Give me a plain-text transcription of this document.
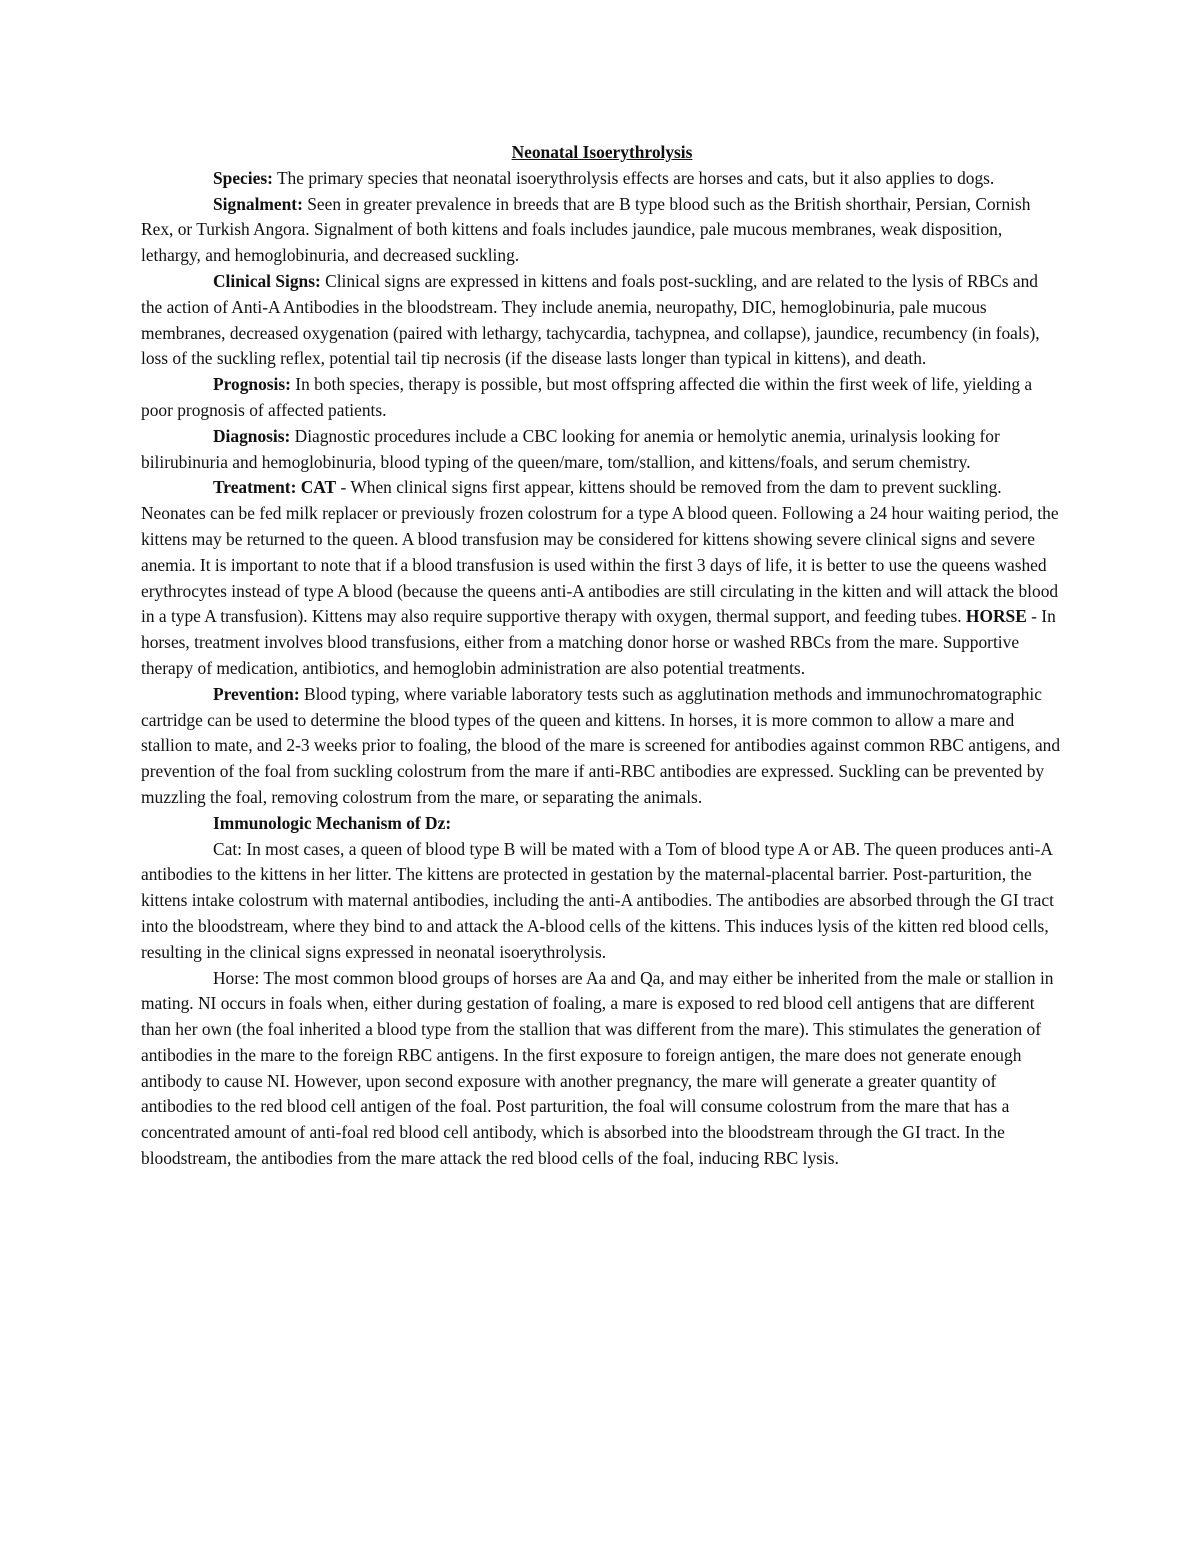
Neonatal Isoerythrolysis

Species: The primary species that neonatal isoerythrolysis effects are horses and cats, but it also applies to dogs.

Signalment: Seen in greater prevalence in breeds that are B type blood such as the British shorthair, Persian, Cornish Rex, or Turkish Angora. Signalment of both kittens and foals includes jaundice, pale mucous membranes, weak disposition, lethargy, and hemoglobinuria, and decreased suckling.

Clinical Signs: Clinical signs are expressed in kittens and foals post-suckling, and are related to the lysis of RBCs and the action of Anti-A Antibodies in the bloodstream. They include anemia, neuropathy, DIC, hemoglobinuria, pale mucous membranes, decreased oxygenation (paired with lethargy, tachycardia, tachypnea, and collapse), jaundice, recumbency (in foals), loss of the suckling reflex, potential tail tip necrosis (if the disease lasts longer than typical in kittens), and death.

Prognosis: In both species, therapy is possible, but most offspring affected die within the first week of life, yielding a poor prognosis of affected patients.

Diagnosis: Diagnostic procedures include a CBC looking for anemia or hemolytic anemia, urinalysis looking for bilirubinuria and hemoglobinuria, blood typing of the queen/mare, tom/stallion, and kittens/foals, and serum chemistry.

Treatment: CAT - When clinical signs first appear, kittens should be removed from the dam to prevent suckling. Neonates can be fed milk replacer or previously frozen colostrum for a type A blood queen. Following a 24 hour waiting period, the kittens may be returned to the queen. A blood transfusion may be considered for kittens showing severe clinical signs and severe anemia. It is important to note that if a blood transfusion is used within the first 3 days of life, it is better to use the queens washed erythrocytes instead of type A blood (because the queens anti-A antibodies are still circulating in the kitten and will attack the blood in a type A transfusion). Kittens may also require supportive therapy with oxygen, thermal support, and feeding tubes. HORSE - In horses, treatment involves blood transfusions, either from a matching donor horse or washed RBCs from the mare. Supportive therapy of medication, antibiotics, and hemoglobin administration are also potential treatments.

Prevention: Blood typing, where variable laboratory tests such as agglutination methods and immunochromatographic cartridge can be used to determine the blood types of the queen and kittens. In horses, it is more common to allow a mare and stallion to mate, and 2-3 weeks prior to foaling, the blood of the mare is screened for antibodies against common RBC antigens, and prevention of the foal from suckling colostrum from the mare if anti-RBC antibodies are expressed. Suckling can be prevented by muzzling the foal, removing colostrum from the mare, or separating the animals.

Immunologic Mechanism of Dz:

Cat: In most cases, a queen of blood type B will be mated with a Tom of blood type A or AB. The queen produces anti-A antibodies to the kittens in her litter. The kittens are protected in gestation by the maternal-placental barrier. Post-parturition, the kittens intake colostrum with maternal antibodies, including the anti-A antibodies. The antibodies are absorbed through the GI tract into the bloodstream, where they bind to and attack the A-blood cells of the kittens. This induces lysis of the kitten red blood cells, resulting in the clinical signs expressed in neonatal isoerythrolysis.

Horse: The most common blood groups of horses are Aa and Qa, and may either be inherited from the male or stallion in mating. NI occurs in foals when, either during gestation of foaling, a mare is exposed to red blood cell antigens that are different than her own (the foal inherited a blood type from the stallion that was different from the mare). This stimulates the generation of antibodies in the mare to the foreign RBC antigens. In the first exposure to foreign antigen, the mare does not generate enough antibody to cause NI. However, upon second exposure with another pregnancy, the mare will generate a greater quantity of antibodies to the red blood cell antigen of the foal. Post parturition, the foal will consume colostrum from the mare that has a concentrated amount of anti-foal red blood cell antibody, which is absorbed into the bloodstream through the GI tract. In the bloodstream, the antibodies from the mare attack the red blood cells of the foal, inducing RBC lysis.
